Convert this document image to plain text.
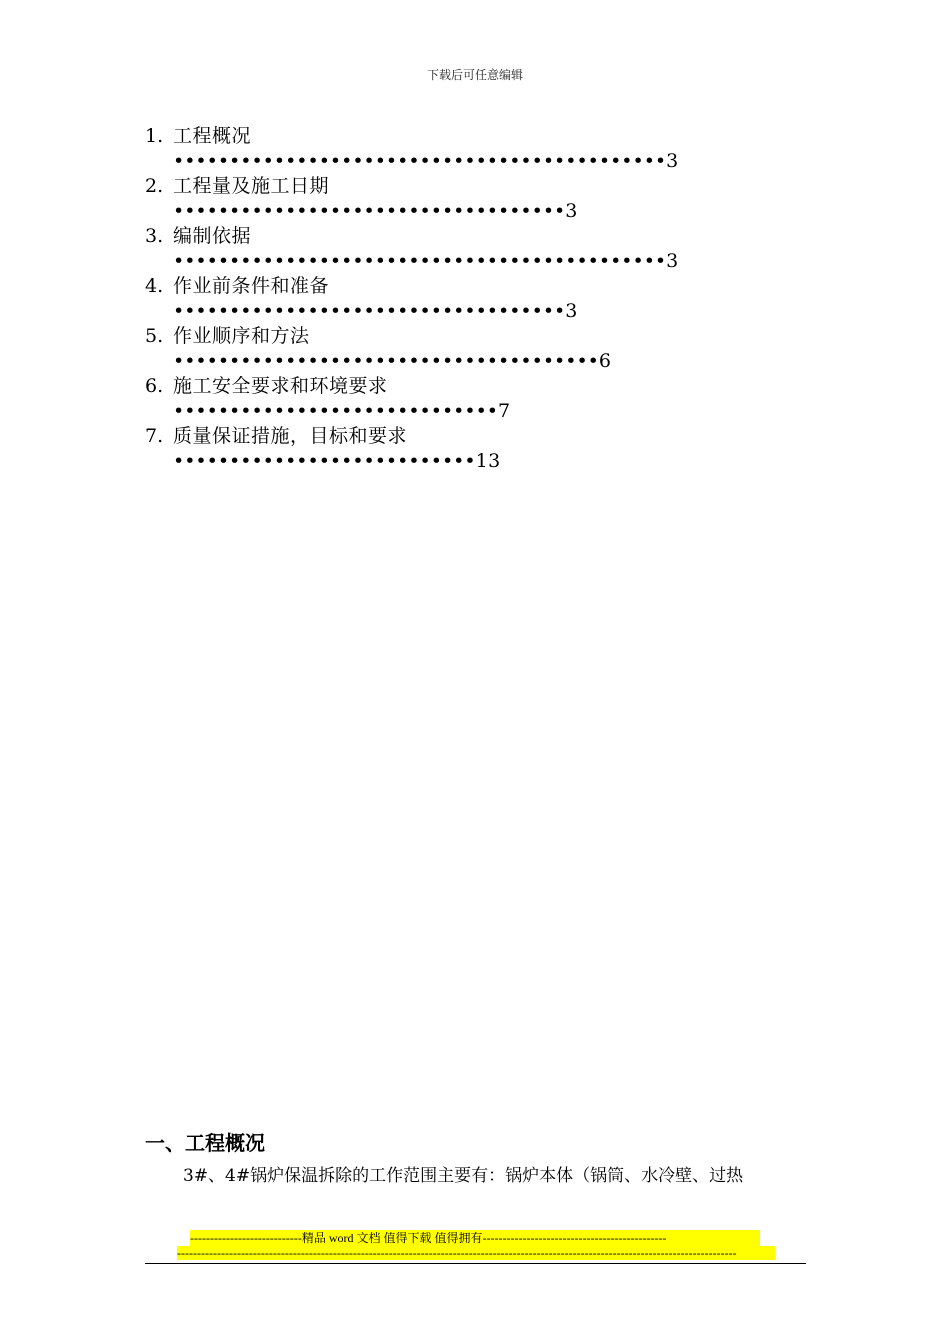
下载后可任意编辑
1. 工程概况
••••••••••••••••••••••••••••••••••••••••••••3
2. 工程量及施工日期
•••••••••••••••••••••••••••••••••••3
3. 编制依据
••••••••••••••••••••••••••••••••••••••••••••3
4. 作业前条件和准备
•••••••••••••••••••••••••••••••••••3
5. 作业顺序和方法
••••••••••••••••••••••••••••••••••••••6
6. 施工安全要求和环境要求
•••••••••••••••••••••••••••••7
7. 质量保证措施，目标和要求
•••••••••••••••••••••••••••13
一、工程概况
3#、4#锅炉保温拆除的工作范围主要有：锅炉本体（锅筒、水冷壁、过热
----------------------------精品 word 文档 值得下载 值得拥有----------------------------------------------
--------------------------------------------------------------------------------------------------------------------------------------------
